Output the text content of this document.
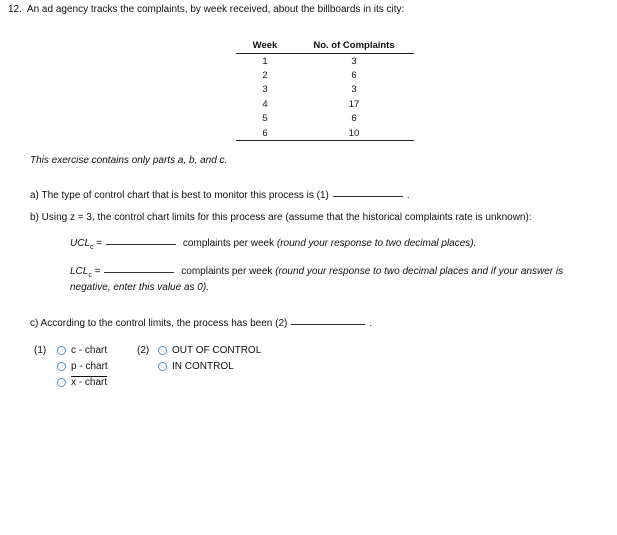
12. An ad agency tracks the complaints, by week received, about the billboards in its city:
Week	No. of Complaints
1	3
2	6
3	3
4	17
5	6
6	10
This exercise contains only parts a, b, and c.
a) The type of control chart that is best to monitor this process is (1)	.
b) Using z = 3, the control chart limits for this process are (assume that the historical complaints rate is unknown):
$UCL_c$ =	complaints per week (round your response to two decimal places).
$LCL_c$ =	complaints per week (round your response to two decimal places and if your answer is
negative, enter this value as 0).
c) According to the control limits, the process has been (2)	.
(1)	c - chart
p - chart
x - chart
(2)	OUT OF CONTROL
IN CONTROL
